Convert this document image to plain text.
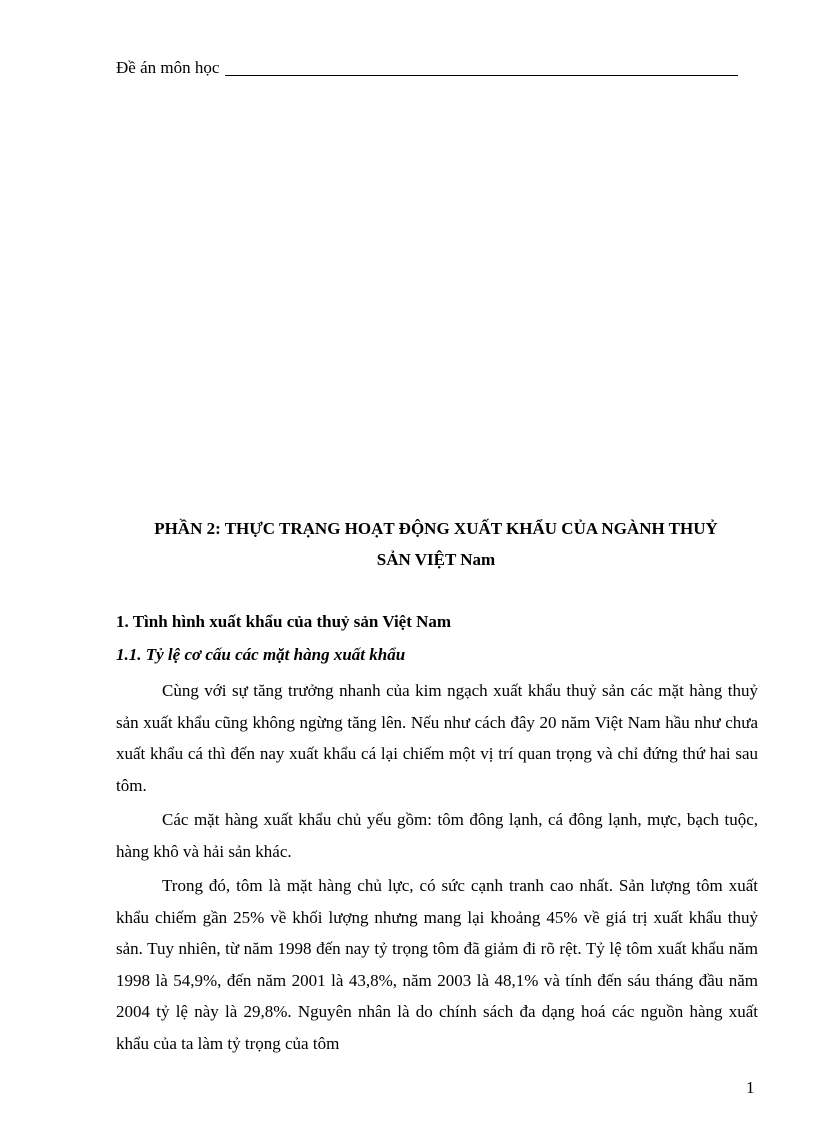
Đề án môn học
PHẦN 2: THỰC TRẠNG HOẠT ĐỘNG XUẤT KHẨU CỦA NGÀNH THUỶ
SẢN VIỆT Nam
1. Tình hình xuất khẩu của thuỷ sản Việt Nam
1.1. Tỷ lệ cơ cấu các mặt hàng xuất khẩu

Cùng với sự tăng trưởng nhanh của kim ngạch xuất khẩu thuỷ sản các mặt hàng thuỷ sản xuất khẩu cũng không ngừng tăng lên. Nếu như cách đây 20 năm Việt Nam hầu như chưa xuất khẩu cá thì đến nay xuất khẩu cá lại chiếm một vị trí quan trọng và chỉ đứng thứ hai sau tôm.

Các mặt hàng xuất khẩu chủ yếu gồm: tôm đông lạnh, cá đông lạnh, mực, bạch tuộc, hàng khô và hải sản khác.

Trong đó, tôm là mặt hàng chủ lực, có sức cạnh tranh cao nhất. Sản lượng tôm xuất khẩu chiếm gần 25% về khối lượng nhưng mang lại khoảng 45% về giá trị xuất khẩu thuỷ sản. Tuy nhiên, từ năm 1998 đến nay tỷ trọng tôm đã giảm đi rõ rệt. Tỷ lệ tôm xuất khẩu năm 1998 là 54,9%, đến năm 2001 là 43,8%, năm 2003 là 48,1% và tính đến sáu tháng đầu năm 2004 tỷ lệ này là 29,8%. Nguyên nhân là do chính sách đa dạng hoá các nguồn hàng xuất khẩu của ta làm tỷ trọng của tôm

1
